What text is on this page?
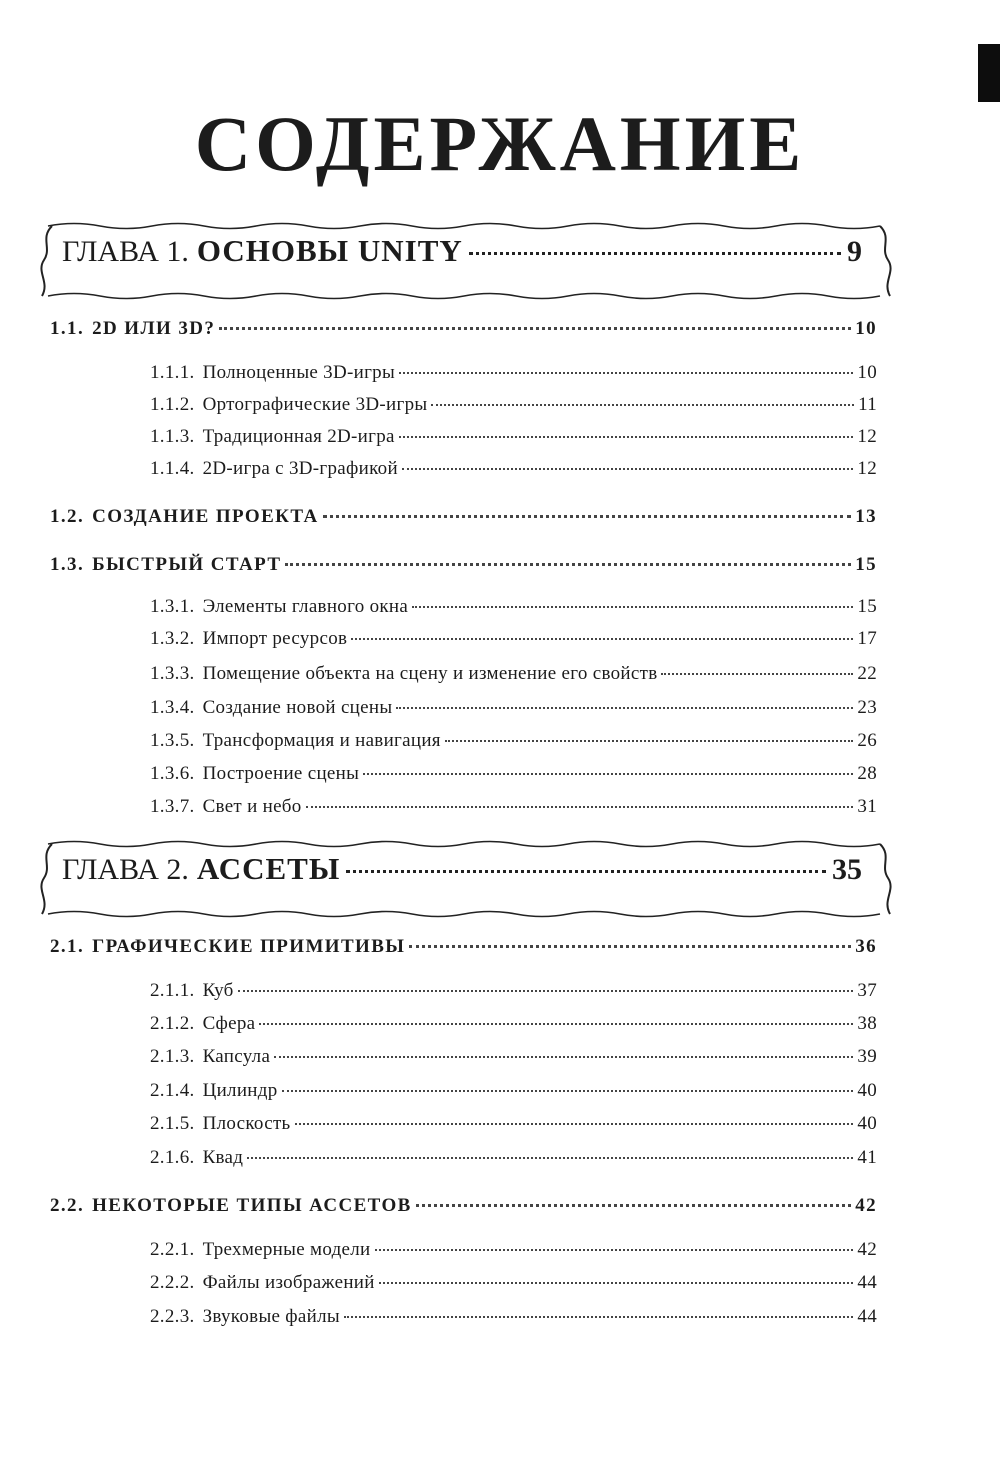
СОДЕРЖАНИЕ
ГЛАВА 1. ОСНОВЫ UNITY	9
1.1. 2D ИЛИ 3D?	10
1.1.1. Полноценные 3D-игры	10
1.1.2. Ортографические 3D-игры	11
1.1.3. Традиционная 2D-игра	12
1.1.4. 2D-игра с 3D-графикой	12
1.2. СОЗДАНИЕ ПРОЕКТА	13
1.3. БЫСТРЫЙ СТАРТ	15
1.3.1. Элементы главного окна	15
1.3.2. Импорт ресурсов	17
1.3.3. Помещение объекта на сцену и изменение его свойств	22
1.3.4. Создание новой сцены	23
1.3.5. Трансформация и навигация	26
1.3.6. Построение сцены	28
1.3.7. Свет и небо	31
ГЛАВА 2. АССЕТЫ	35
2.1. ГРАФИЧЕСКИЕ ПРИМИТИВЫ	36
2.1.1. Куб	37
2.1.2. Сфера	38
2.1.3. Капсула	39
2.1.4. Цилиндр	40
2.1.5. Плоскость	40
2.1.6. Квад	41
2.2. НЕКОТОРЫЕ ТИПЫ АССЕТОВ	42
2.2.1. Трехмерные модели	42
2.2.2. Файлы изображений	44
2.2.3. Звуковые файлы	44
